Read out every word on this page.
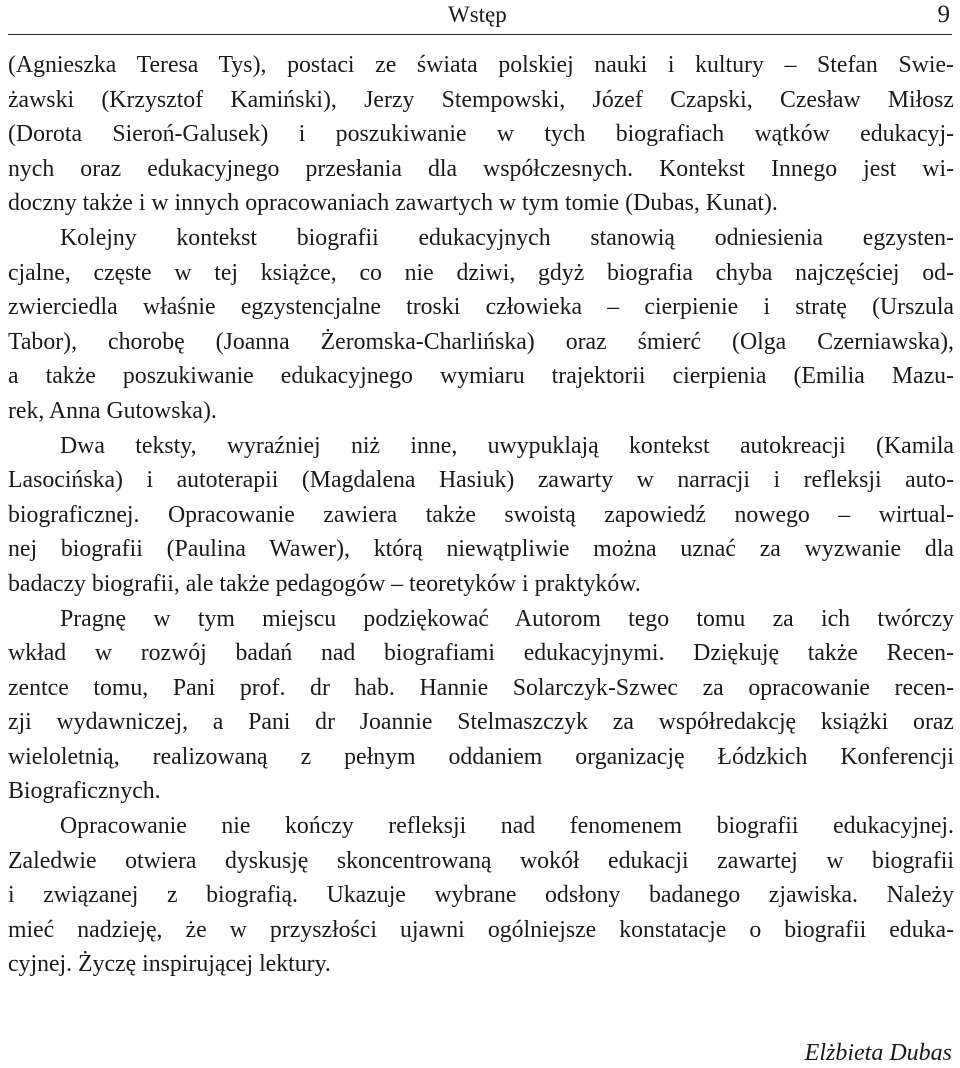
Wstęp	9

(Agnieszka Teresa Tys), postaci ze świata polskiej nauki i kultury – Stefan Swie-
żawski (Krzysztof Kamiński), Jerzy Stempowski, Józef Czapski, Czesław Miłosz
(Dorota Sieroń-Galusek) i poszukiwanie w tych biografiach wątków edukacyj-
nych oraz edukacyjnego przesłania dla współczesnych. Kontekst Innego jest wi-
doczny także i w innych opracowaniach zawartych w tym tomie (Dubas, Kunat).

Kolejny kontekst biografii edukacyjnych stanowią odniesienia egzysten-
cjalne, częste w tej książce, co nie dziwi, gdyż biografia chyba najczęściej od-
zwierciedla właśnie egzystencjalne troski człowieka – cierpienie i stratę (Urszula
Tabor), chorobę (Joanna Żeromska-Charlińska) oraz śmierć (Olga Czerniawska),
a także poszukiwanie edukacyjnego wymiaru trajektorii cierpienia (Emilia Mazu-
rek, Anna Gutowska).

Dwa teksty, wyraźniej niż inne, uwypuklają kontekst autokreacji (Kamila
Lasocińska) i autoterapii (Magdalena Hasiuk) zawarty w narracji i refleksji auto-
biograficznej. Opracowanie zawiera także swoistą zapowiedź nowego – wirtual-
nej biografii (Paulina Wawer), którą niewątpliwie można uznać za wyzwanie dla
badaczy biografii, ale także pedagogów – teoretyków i praktyków.

Pragnę w tym miejscu podziękować Autorom tego tomu za ich twórczy
wkład w rozwój badań nad biografiami edukacyjnymi. Dziękuję także Recen-
zentce tomu, Pani prof. dr hab. Hannie Solarczyk-Szwec za opracowanie recen-
zji wydawniczej, a Pani dr Joannie Stelmaszczyk za współredakcję książki oraz
wieloletnią, realizowaną z pełnym oddaniem organizację Łódzkich Konferencji
Biograficznych.

Opracowanie nie kończy refleksji nad fenomenem biografii edukacyjnej.
Zaledwie otwiera dyskusję skoncentrowaną wokół edukacji zawartej w biografii
i związanej z biografią. Ukazuje wybrane odsłony badanego zjawiska. Należy
mieć nadzieję, że w przyszłości ujawni ogólniejsze konstatacje o biografii eduka-
cyjnej. Życzę inspirującej lektury.

Elżbieta Dubas
